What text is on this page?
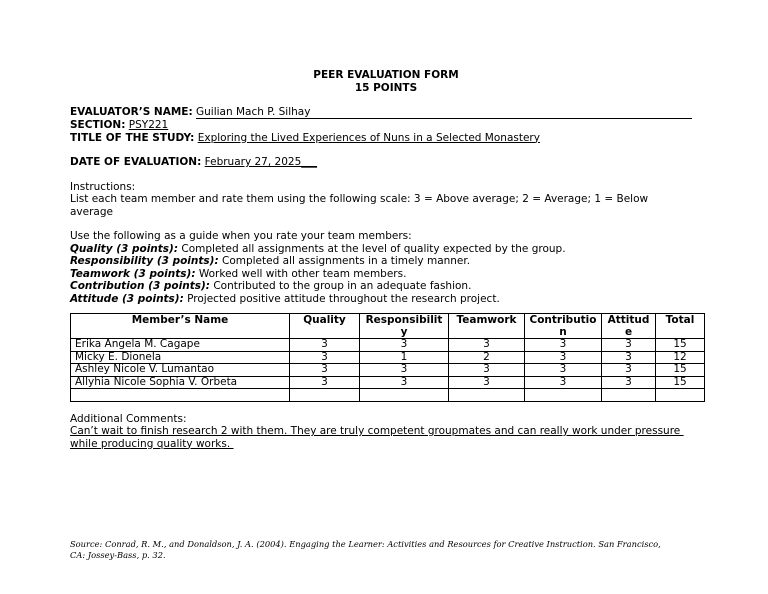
PEER EVALUATION FORM
15 POINTS
EVALUATOR’S NAME: Guilian Mach P. Silhay
SECTION: PSY221
TITLE OF THE STUDY: Exploring the Lived Experiences of Nuns in a Selected Monastery
DATE OF EVALUATION: February 27, 2025___
Instructions:
List each team member and rate them using the following scale: 3 = Above average; 2 = Average; 1 = Below
average
Use the following as a guide when you rate your team members:
Quality (3 points): Completed all assignments at the level of quality expected by the group.
Responsibility (3 points): Completed all assignments in a timely manner.
Teamwork (3 points): Worked well with other team members.
Contribution (3 points): Contributed to the group in an adequate fashion.
Attitude (3 points): Projected positive attitude throughout the research project.
Member’s Name	Quality	Responsibility	Teamwork	Contribution	Attitude	Total
Erika Angela M. Cagape	3	3	3	3	3	15
Micky E. Dionela	3	1	2	3	3	12
Ashley Nicole V. Lumantao	3	3	3	3	3	15
Allyhia Nicole Sophia V. Orbeta	3	3	3	3	3	15

Additional Comments:
Can’t wait to finish research 2 with them. They are truly competent groupmates and can really work under pressure
while producing quality works.
Source: Conrad, R. M., and Donaldson, J. A. (2004). Engaging the Learner: Activities and Resources for Creative Instruction. San Francisco,
CA: Jossey-Bass, p. 32.
